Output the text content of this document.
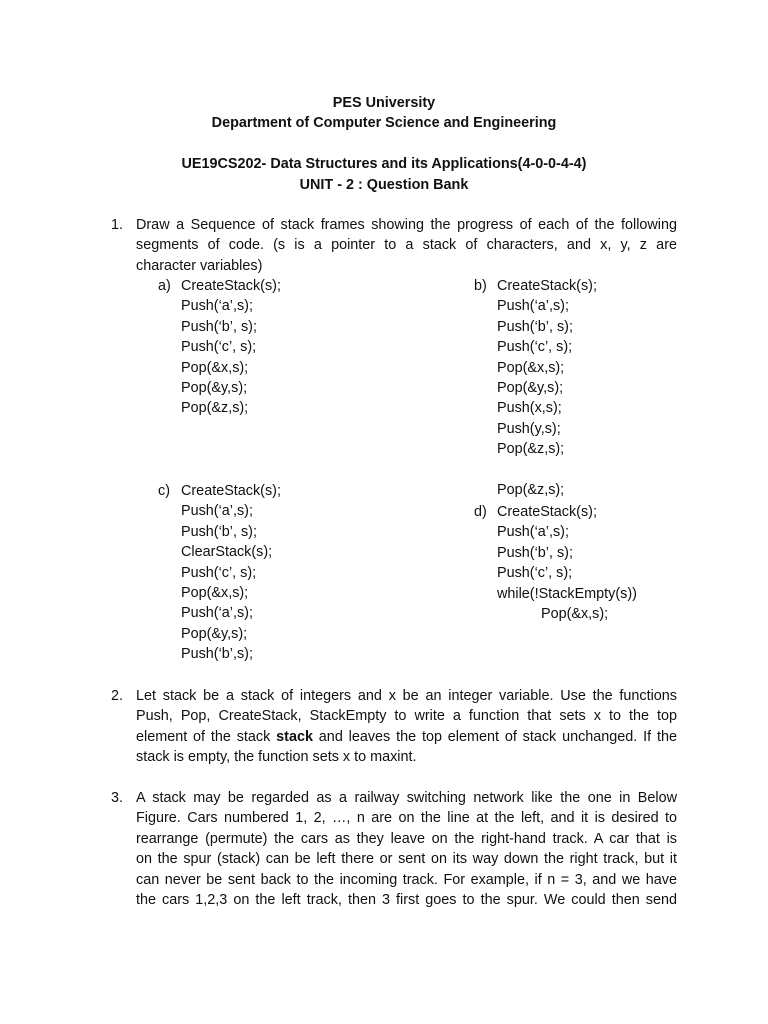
PES University
Department of Computer Science and Engineering
UE19CS202- Data Structures and its Applications(4-0-0-4-4)
UNIT - 2 : Question Bank
1. Draw a Sequence of stack frames showing the progress of each of the following
segments of code. (s is a pointer to a stack of characters, and x, y, z are
character variables)
a) CreateStack(s);
Push(‘a’,s);
Push(‘b’, s);
Push(‘c’, s);
Pop(&x,s);
Pop(&y,s);
Pop(&z,s);
b) CreateStack(s);
Push(‘a’,s);
Push(‘b’, s);
Push(‘c’, s);
Pop(&x,s);
Pop(&y,s);
Push(x,s);
Push(y,s);
Pop(&z,s);
Pop(&z,s);
c) CreateStack(s);
Push(‘a’,s);
Push(‘b’, s);
ClearStack(s);
Push(‘c’, s);
Pop(&x,s);
Push(‘a’,s);
Pop(&y,s);
Push(‘b’,s);
d) CreateStack(s);
Push(‘a’,s);
Push(‘b’, s);
Push(‘c’, s);
while(!StackEmpty(s))
Pop(&x,s);
2. Let stack be a stack of integers and x be an integer variable. Use the functions
Push, Pop, CreateStack, StackEmpty to write a function that sets x to the top
element of the stack stack and leaves the top element of stack unchanged. If the
stack is empty, the function sets x to maxint.
3. A stack may be regarded as a railway switching network like the one in Below
Figure. Cars numbered 1, 2, …, n are on the line at the left, and it is desired to
rearrange (permute) the cars as they leave on the right-hand track. A car that is
on the spur (stack) can be left there or sent on its way down the right track, but it
can never be sent back to the incoming track. For example, if n = 3, and we have
the cars 1,2,3 on the left track, then 3 first goes to the spur. We could then send
